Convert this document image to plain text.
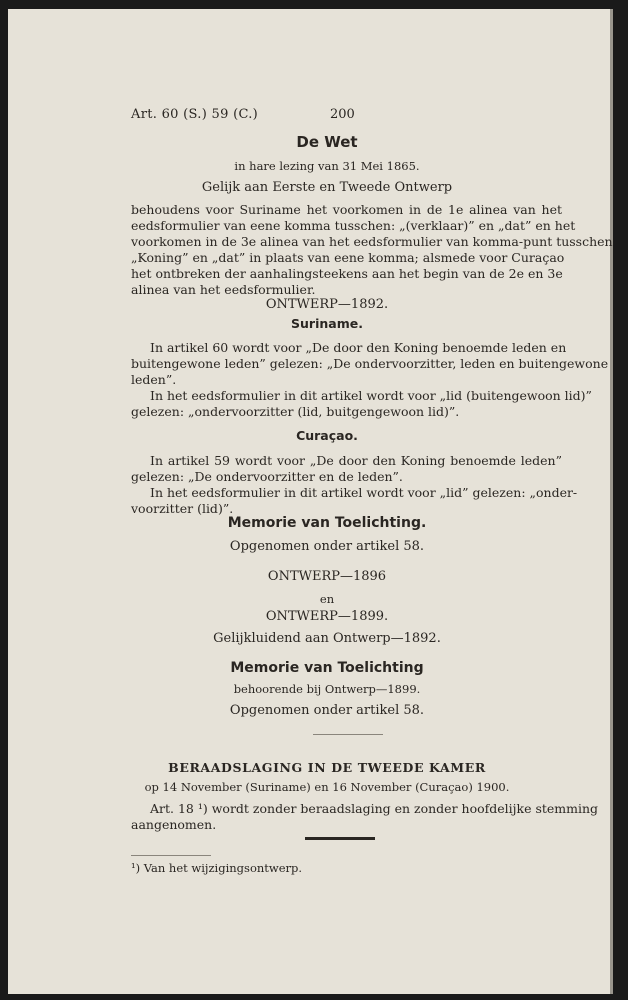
Art. 60 (S.) 59 (C.)	200
De Wet
in hare lezing van 31 Mei 1865.
Gelijk aan Eerste en Tweede Ontwerp
behoudens voor Suriname het voorkomen in de 1e alinea van het
eedsformulier van eene komma tusschen: „(verklaar)” en „dat” en het
voorkomen in de 3e alinea van het eedsformulier van komma-punt tusschen
„Koning” en „dat” in plaats van eene komma; alsmede voor Curaçao
het ontbreken der aanhalingsteekens aan het begin van de 2e en 3e
alinea van het eedsformulier.
ONTWERP—1892.
Suriname.
In artikel 60 wordt voor „De door den Koning benoemde leden en
buitengewone leden” gelezen: „De ondervoorzitter, leden en buitengewone
leden”.
In het eedsformulier in dit artikel wordt voor „lid (buitengewoon lid)”
gelezen: „ondervoorzitter (lid, buitgengewoon lid)”.
Curaçao.
In artikel 59 wordt voor „De door den Koning benoemde leden”
gelezen: „De ondervoorzitter en de leden”.
In het eedsformulier in dit artikel wordt voor „lid” gelezen: „onder-
voorzitter (lid)”.
Memorie van Toelichting.
Opgenomen onder artikel 58.
ONTWERP—1896
en
ONTWERP—1899.
Gelijkluidend aan Ontwerp—1892.
Memorie van Toelichting
behoorende bij Ontwerp—1899.
Opgenomen onder artikel 58.
BERAADSLAGING IN DE TWEEDE KAMER
op 14 November (Suriname) en 16 November (Curaçao) 1900.
Art. 18 ¹) wordt zonder beraadslaging en zonder hoofdelijke stemming
aangenomen.
¹) Van het wijzigingsontwerp.
